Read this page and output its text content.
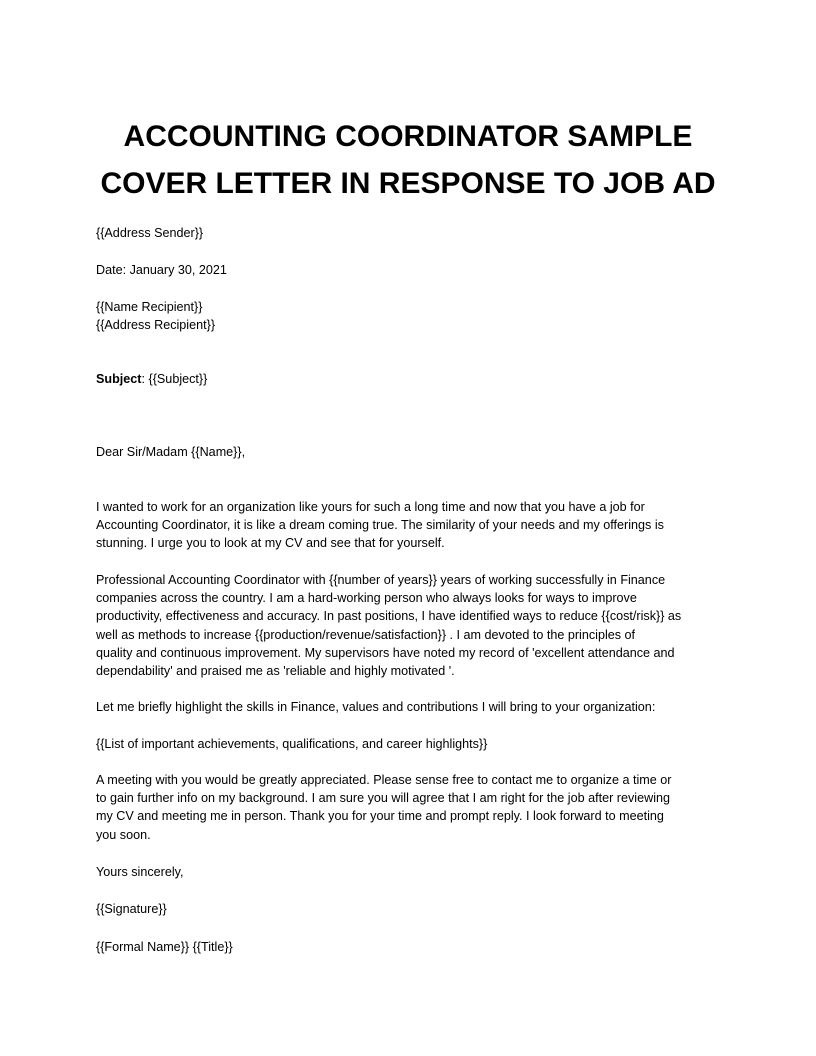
ACCOUNTING COORDINATOR SAMPLE
COVER LETTER IN RESPONSE TO JOB AD
{{Address Sender}}
Date: January 30, 2021
{{Name Recipient}}
{{Address Recipient}}
Subject: {{Subject}}
Dear Sir/Madam {{Name}},
I wanted to work for an organization like yours for such a long time and now that you have a job for
Accounting Coordinator, it is like a dream coming true. The similarity of your needs and my offerings is
stunning. I urge you to look at my CV and see that for yourself.
Professional Accounting Coordinator with {{number of years}} years of working successfully in Finance
companies across the country. I am a hard-working person who always looks for ways to improve
productivity, effectiveness and accuracy. In past positions, I have identified ways to reduce {{cost/risk}} as
well as methods to increase {{production/revenue/satisfaction}} . I am devoted to the principles of
quality and continuous improvement. My supervisors have noted my record of 'excellent attendance and
dependability' and praised me as 'reliable and highly motivated '.
Let me briefly highlight the skills in Finance, values and contributions I will bring to your organization:
{{List of important achievements, qualifications, and career highlights}}
A meeting with you would be greatly appreciated. Please sense free to contact me to organize a time or
to gain further info on my background. I am sure you will agree that I am right for the job after reviewing
my CV and meeting me in person. Thank you for your time and prompt reply. I look forward to meeting
you soon.
Yours sincerely,
{{Signature}}
{{Formal Name}} {{Title}}
